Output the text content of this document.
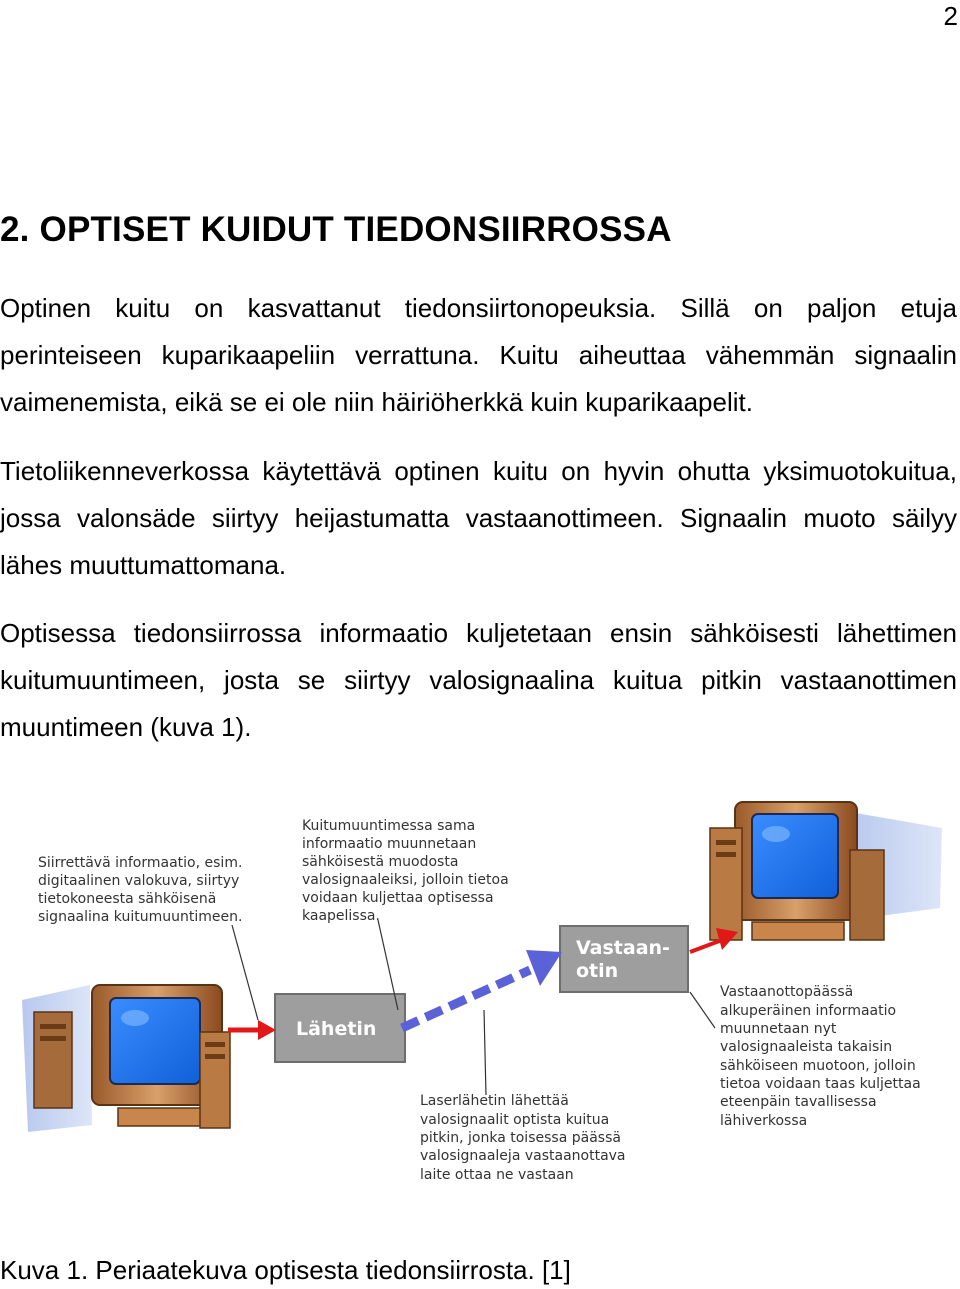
2
2. OPTISET KUIDUT TIEDONSIIRROSSA

Optinen kuitu on kasvattanut tiedonsiirtonopeuksia. Sillä on paljon etuja perinteiseen kuparikaapeliin verrattuna. Kuitu aiheuttaa vähemmän signaalin vaimenemista, eikä se ei ole niin häiriöherkkä kuin kuparikaapelit.

Tietoliikenneverkossa käytettävä optinen kuitu on hyvin ohutta yksimuotokuitua, jossa valonsäde siirtyy heijastumatta vastaanottimeen. Signaalin muoto säilyy lähes muuttumattomana.

Optisessa tiedonsiirrossa informaatio kuljetetaan ensin sähköisesti lähettimen kuitumuuntimeen, josta se siirtyy valosignaalina kuitua pitkin vastaanottimen muuntimeen (kuva 1).

Lähetin
Vastaan-
otin
Siirrettävä informaatio, esim.
digitaalinen valokuva, siirtyy
tietokoneesta sähköisenä
signaalina kuitumuuntimeen.
Kuitumuuntimessa sama
informaatio muunnetaan
sähköisestä muodosta
valosignaaleiksi, jolloin tietoa
voidaan kuljettaa optisessa
kaapelissa.
Laserlähetin lähettää
valosignaalit optista kuitua
pitkin, jonka toisessa päässä
valosignaaleja vastaanottava
laite ottaa ne vastaan
Vastaanottopäässä
alkuperäinen informaatio
muunnetaan nyt
valosignaaleista takaisin
sähköiseen muotoon, jolloin
tietoa voidaan taas kuljettaa
eteenpäin tavallisessa
lähiverkossa

Kuva 1. Periaatekuva optisesta tiedonsiirrosta. [1]
